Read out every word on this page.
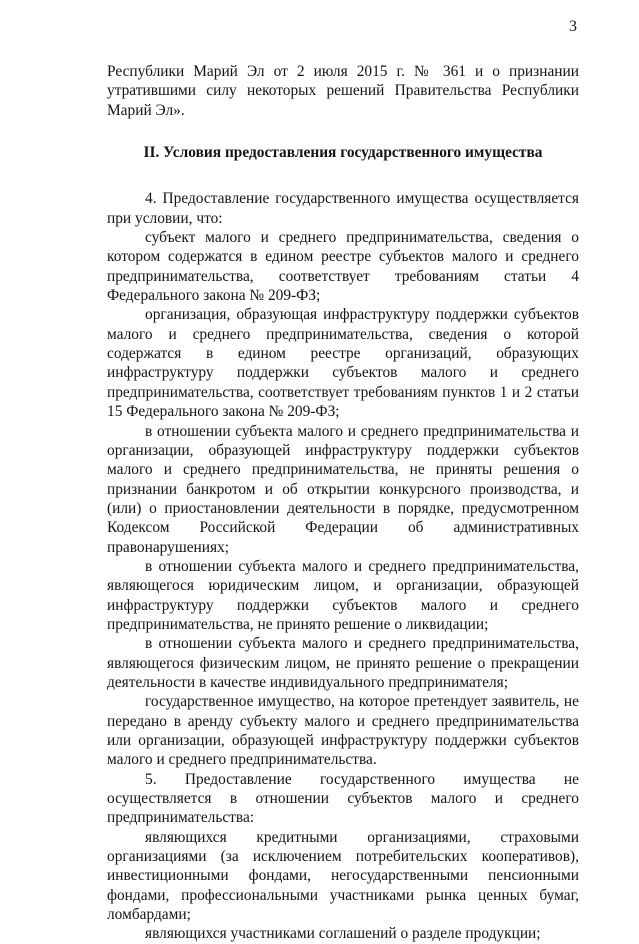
3

Республики Марий Эл от 2 июля 2015 г. № 361 и о признании утратившими силу некоторых решений Правительства Республики Марий Эл».

II. Условия предоставления государственного имущества

4. Предоставление государственного имущества осуществляется при условии, что:

субъект малого и среднего предпринимательства, сведения о котором содержатся в едином реестре субъектов малого и среднего предпринимательства, соответствует требованиям статьи 4 Федерального закона № 209-ФЗ;

организация, образующая инфраструктуру поддержки субъектов малого и среднего предпринимательства, сведения о которой содержатся в едином реестре организаций, образующих инфраструктуру поддержки субъектов малого и среднего предпринимательства, соответствует требованиям пунктов 1 и 2 статьи 15 Федерального закона № 209-ФЗ;

в отношении субъекта малого и среднего предпринимательства и организации, образующей инфраструктуру поддержки субъектов малого и среднего предпринимательства, не приняты решения о признании банкротом и об открытии конкурсного производства, и (или) о приостановлении деятельности в порядке, предусмотренном Кодексом Российской Федерации об административных правонарушениях;

в отношении субъекта малого и среднего предпринимательства, являющегося юридическим лицом, и организации, образующей инфраструктуру поддержки субъектов малого и среднего предпринимательства, не принято решение о ликвидации;

в отношении субъекта малого и среднего предпринимательства, являющегося физическим лицом, не принято решение о прекращении деятельности в качестве индивидуального предпринимателя;

государственное имущество, на которое претендует заявитель, не передано в аренду субъекту малого и среднего предпринимательства или организации, образующей инфраструктуру поддержки субъектов малого и среднего предпринимательства.

5. Предоставление государственного имущества не осуществляется в отношении субъектов малого и среднего предпринимательства:

являющихся кредитными организациями, страховыми организациями (за исключением потребительских кооперативов), инвестиционными фондами, негосударственными пенсионными фондами, профессиональными участниками рынка ценных бумаг, ломбардами;

являющихся участниками соглашений о разделе продукции;
